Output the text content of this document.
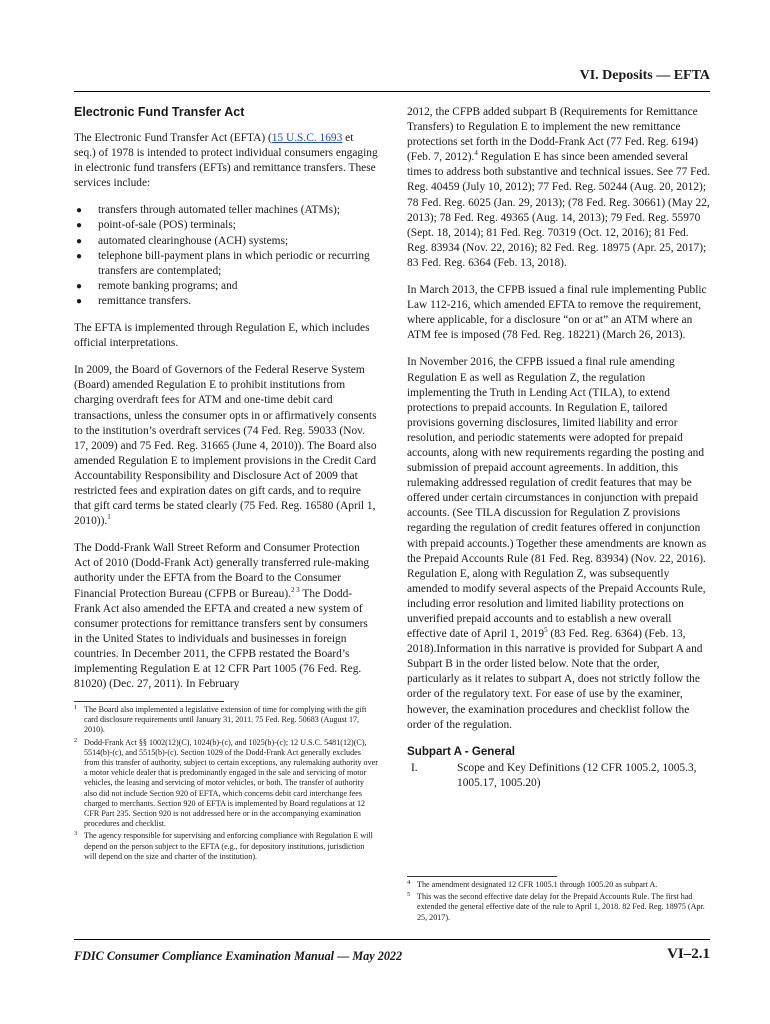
VI. Deposits — EFTA
Electronic Fund Transfer Act

The Electronic Fund Transfer Act (EFTA) (15 U.S.C. 1693 et seq.) of 1978 is intended to protect individual consumers engaging in electronic fund transfers (EFTs) and remittance transfers. These services include:

● transfers through automated teller machines (ATMs);
● point-of-sale (POS) terminals;
● automated clearinghouse (ACH) systems;
● telephone bill-payment plans in which periodic or recurring transfers are contemplated;
● remote banking programs; and
● remittance transfers.

The EFTA is implemented through Regulation E, which includes official interpretations.

In 2009, the Board of Governors of the Federal Reserve System (Board) amended Regulation E to prohibit institutions from charging overdraft fees for ATM and one-time debit card transactions, unless the consumer opts in or affirmatively consents to the institution’s overdraft services (74 Fed. Reg. 59033 (Nov. 17, 2009) and 75 Fed. Reg. 31665 (June 4, 2010)). The Board also amended Regulation E to implement provisions in the Credit Card Accountability Responsibility and Disclosure Act of 2009 that restricted fees and expiration dates on gift cards, and to require that gift card terms be stated clearly (75 Fed. Reg. 16580 (April 1, 2010)).$^1$

The Dodd-Frank Wall Street Reform and Consumer Protection Act of 2010 (Dodd-Frank Act) generally transferred rule-making authority under the EFTA from the Board to the Consumer Financial Protection Bureau (CFPB or Bureau).$^{2 3}$ The Dodd-Frank Act also amended the EFTA and created a new system of consumer protections for remittance transfers sent by consumers in the United States to individuals and businesses in foreign countries. In December 2011, the CFPB restated the Board’s implementing Regulation E at 12 CFR Part 1005 (76 Fed. Reg. 81020) (Dec. 27, 2011). In February

1 The Board also implemented a legislative extension of time for complying with the gift card disclosure requirements until January 31, 2011. 75 Fed. Reg. 50683 (August 17, 2010).
2 Dodd-Frank Act §§ 1002(12)(C), 1024(b)-(c), and 1025(b)-(c); 12 U.S.C. 5481(12)(C), 5514(b)-(c), and 5515(b)-(c). Section 1029 of the Dodd-Frank Act generally excludes from this transfer of authority, subject to certain exceptions, any rulemaking authority over a motor vehicle dealer that is predominantly engaged in the sale and servicing of motor vehicles, the leasing and servicing of motor vehicles, or both. The transfer of authority also did not include Section 920 of EFTA, which concerns debit card interchange fees charged to merchants. Section 920 of EFTA is implemented by Board regulations at 12 CFR Part 235. Section 920 is not addressed here or in the accompanying examination procedures and checklist.
3 The agency responsible for supervising and enforcing compliance with Regulation E will depend on the person subject to the EFTA (e.g., for depository institutions, jurisdiction will depend on the size and charter of the institution).

2012, the CFPB added subpart B (Requirements for Remittance Transfers) to Regulation E to implement the new remittance protections set forth in the Dodd-Frank Act (77 Fed. Reg. 6194) (Feb. 7, 2012).$^4$ Regulation E has since been amended several times to address both substantive and technical issues. See 77 Fed. Reg. 40459 (July 10, 2012); 77 Fed. Reg. 50244 (Aug. 20, 2012); 78 Fed. Reg. 6025 (Jan. 29, 2013); (78 Fed. Reg. 30661) (May 22, 2013); 78 Fed. Reg. 49365 (Aug. 14, 2013); 79 Fed. Reg. 55970 (Sept. 18, 2014); 81 Fed. Reg. 70319 (Oct. 12, 2016); 81 Fed. Reg. 83934 (Nov. 22, 2016); 82 Fed. Reg. 18975 (Apr. 25, 2017); 83 Fed. Reg. 6364 (Feb. 13, 2018).

In March 2013, the CFPB issued a final rule implementing Public Law 112-216, which amended EFTA to remove the requirement, where applicable, for a disclosure “on or at” an ATM where an ATM fee is imposed (78 Fed. Reg. 18221) (March 26, 2013).

In November 2016, the CFPB issued a final rule amending Regulation E as well as Regulation Z, the regulation implementing the Truth in Lending Act (TILA), to extend protections to prepaid accounts. In Regulation E, tailored provisions governing disclosures, limited liability and error resolution, and periodic statements were adopted for prepaid accounts, along with new requirements regarding the posting and submission of prepaid account agreements. In addition, this rulemaking addressed regulation of credit features that may be offered under certain circumstances in conjunction with prepaid accounts. (See TILA discussion for Regulation Z provisions regarding the regulation of credit features offered in conjunction with prepaid accounts.) Together these amendments are known as the Prepaid Accounts Rule (81 Fed. Reg. 83934) (Nov. 22, 2016). Regulation E, along with Regulation Z, was subsequently amended to modify several aspects of the Prepaid Accounts Rule, including error resolution and limited liability protections on unverified prepaid accounts and to establish a new overall effective date of April 1, 2019$^5$ (83 Fed. Reg. 6364) (Feb. 13, 2018).Information in this narrative is provided for Subpart A and Subpart B in the order listed below. Note that the order, particularly as it relates to subpart A, does not strictly follow the order of the regulatory text. For ease of use by the examiner, however, the examination procedures and checklist follow the order of the regulation.

Subpart A - General
I.	Scope and Key Definitions (12 CFR 1005.2, 1005.3, 1005.17, 1005.20)
4 The amendment designated 12 CFR 1005.1 through 1005.20 as subpart A.
5 This was the second effective date delay for the Prepaid Accounts Rule. The first had extended the general effective date of the rule to April 1, 2018. 82 Fed. Reg. 18975 (Apr. 25, 2017).
FDIC Consumer Compliance Examination Manual — May 2022	VI–2.1
